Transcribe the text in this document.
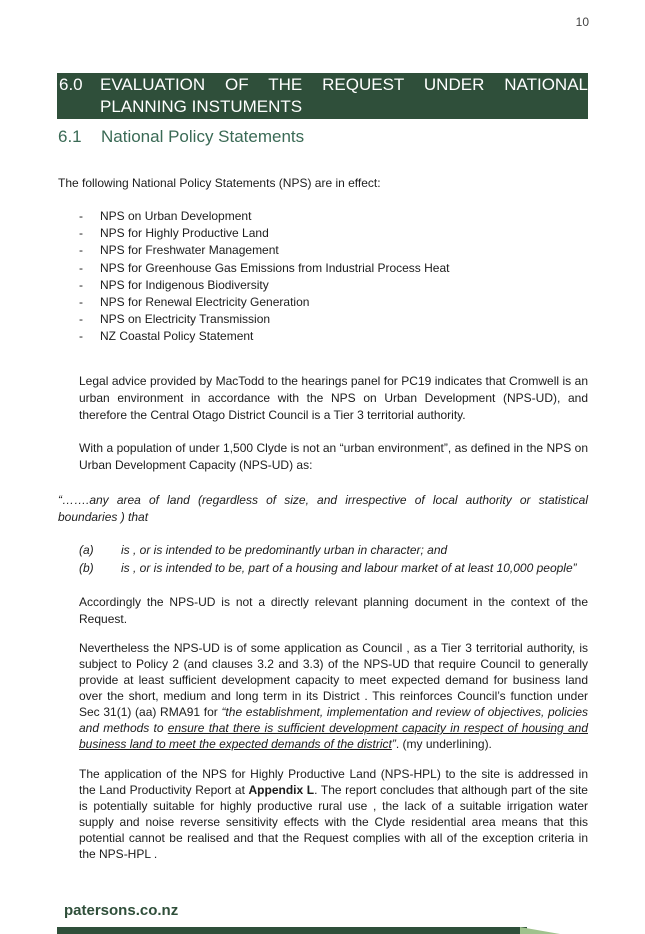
10
6.0 EVALUATION OF THE REQUEST UNDER NATIONAL
PLANNING INSTUMENTS
6.1 National Policy Statements
The following National Policy Statements (NPS) are in effect:
- NPS on Urban Development
- NPS for Highly Productive Land
- NPS for Freshwater Management
- NPS for Greenhouse Gas Emissions from Industrial Process Heat
- NPS for Indigenous Biodiversity
- NPS for Renewal Electricity Generation
- NPS on Electricity Transmission
- NZ Coastal Policy Statement
Legal advice provided by MacTodd to the hearings panel for PC19 indicates that Cromwell is an urban environment in accordance with the NPS on Urban Development (NPS-UD), and therefore the Central Otago District Council is a Tier 3 territorial authority.
With a population of under 1,500 Clyde is not an “urban environment”, as defined in the NPS on Urban Development Capacity (NPS-UD) as:
“…….any area of land (regardless of size, and irrespective of local authority or statistical boundaries ) that
(a) is , or is intended to be predominantly urban in character; and
(b) is , or is intended to be, part of a housing and labour market of at least 10,000 people”
Accordingly the NPS-UD is not a directly relevant planning document in the context of the Request.
Nevertheless the NPS-UD is of some application as Council , as a Tier 3 territorial authority, is subject to Policy 2 (and clauses 3.2 and 3.3) of the NPS-UD that require Council to generally provide at least sufficient development capacity to meet expected demand for business land over the short, medium and long term in its District . This reinforces Council’s function under Sec 31(1) (aa) RMA91 for “the establishment, implementation and review of objectives, policies and methods to ensure that there is sufficient development capacity in respect of housing and business land to meet the expected demands of the district”. (my underlining).
The application of the NPS for Highly Productive Land (NPS-HPL) to the site is addressed in the Land Productivity Report at Appendix L. The report concludes that although part of the site is potentially suitable for highly productive rural use , the lack of a suitable irrigation water supply and noise reverse sensitivity effects with the Clyde residential area means that this potential cannot be realised and that the Request complies with all of the exception criteria in the NPS-HPL .
patersons.co.nz
